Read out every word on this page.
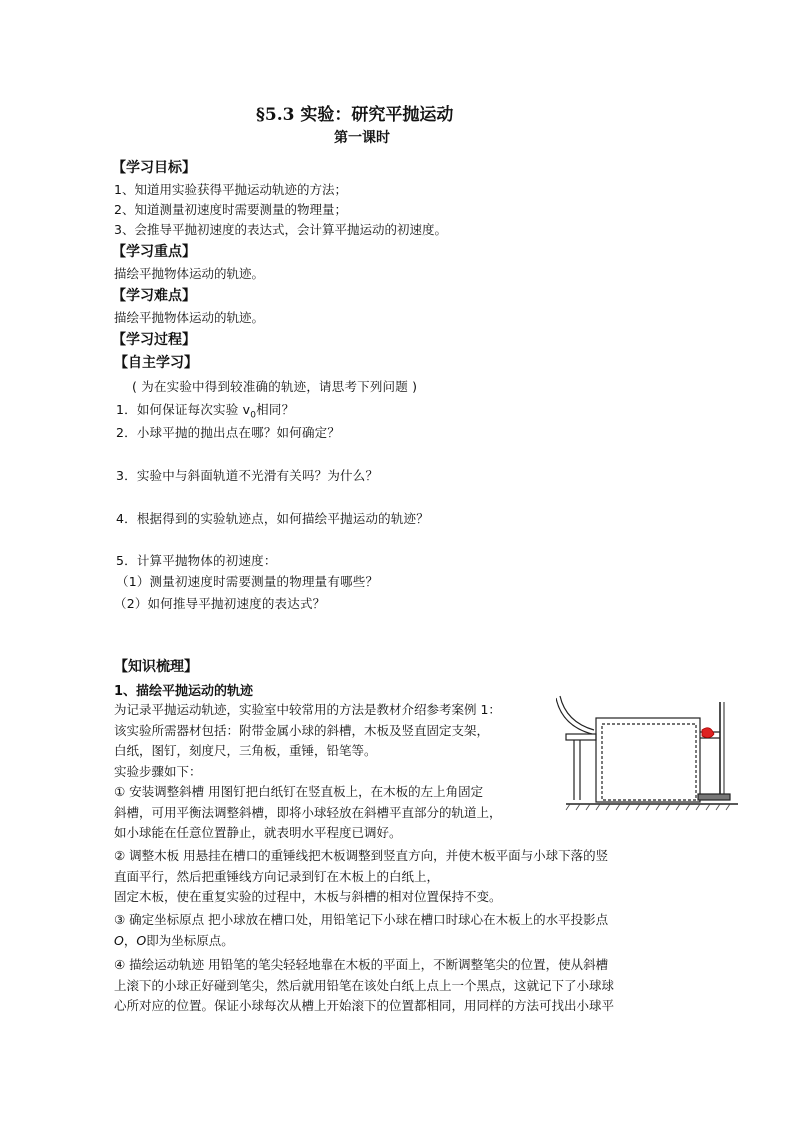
§5.3 实验：研究平抛运动
第一课时
【学习目标】
1、知道用实验获得平抛运动轨迹的方法；
2、知道测量初速度时需要测量的物理量；
3、会推导平抛初速度的表达式，会计算平抛运动的初速度。
【学习重点】
描绘平抛物体运动的轨迹。
【学习难点】
描绘平抛物体运动的轨迹。
【学习过程】
【自主学习】
( 为在实验中得到较准确的轨迹，请思考下列问题 )
1．如何保证每次实验 $v_0$相同？
2．小球平抛的抛出点在哪？如何确定？
3．实验中与斜面轨道不光滑有关吗？为什么？
4．根据得到的实验轨迹点，如何描绘平抛运动的轨迹？
5．计算平抛物体的初速度：
（1）测量初速度时需要测量的物理量有哪些？
（2）如何推导平抛初速度的表达式？
【知识梳理】
1、描绘平抛运动的轨迹
为记录平抛运动轨迹，实验室中较常用的方法是教材介绍参考案例 1：
该实验所需器材包括：附带金属小球的斜槽，木板及竖直固定支架，
白纸，图钉，刻度尺，三角板，重锤，铅笔等。
实验步骤如下：
① 安装调整斜槽 用图钉把白纸钉在竖直板上，在木板的左上角固定
斜槽，可用平衡法调整斜槽，即将小球轻放在斜槽平直部分的轨道上，
如小球能在任意位置静止，就表明水平程度已调好。
② 调整木板 用悬挂在槽口的重锤线把木板调整到竖直方向，并使木板平面与小球下落的竖
直面平行，然后把重锤线方向记录到钉在木板上的白纸上，
固定木板，使在重复实验的过程中，木板与斜槽的相对位置保持不变。
③ 确定坐标原点 把小球放在槽口处，用铅笔记下小球在槽口时球心在木板上的水平投影点
O，O即为坐标原点。
④ 描绘运动轨迹 用铅笔的笔尖轻轻地靠在木板的平面上，不断调整笔尖的位置，使从斜槽
上滚下的小球正好碰到笔尖，然后就用铅笔在该处白纸上点上一个黑点，这就记下了小球球
心所对应的位置。保证小球每次从槽上开始滚下的位置都相同，用同样的方法可找出小球平
